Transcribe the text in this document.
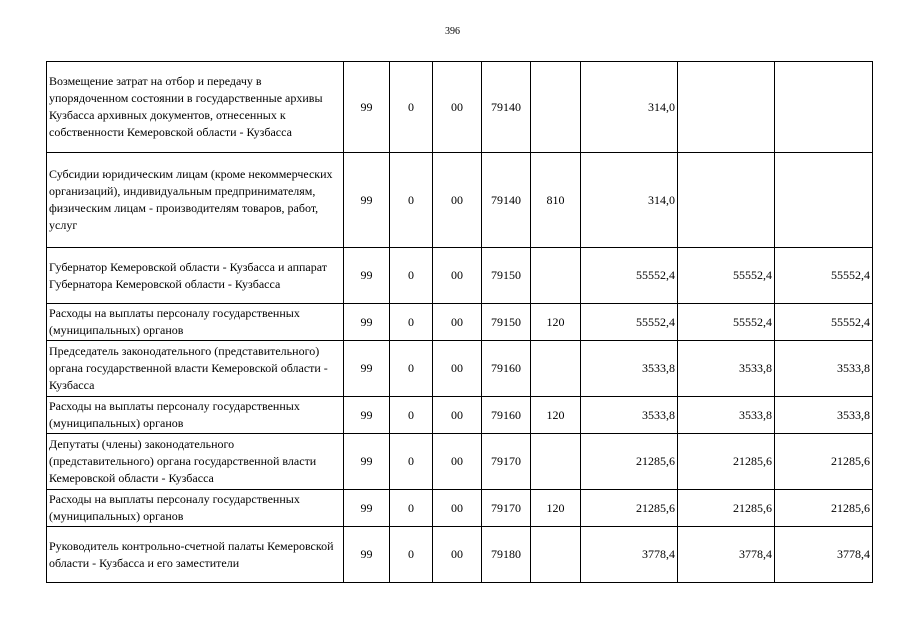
396
Возмещение затрат на отбор и передачу в упорядоченном состоянии в государственные архивы Кузбасса архивных документов, отнесенных к собственности Кемеровской области - Кузбасса	99	0	00	79140		314,0		
Субсидии юридическим лицам (кроме некоммерческих организаций), индивидуальным предпринимателям, физическим лицам - производителям товаров, работ, услуг	99	0	00	79140	810	314,0		
Губернатор Кемеровской области - Кузбасса и аппарат Губернатора Кемеровской области - Кузбасса	99	0	00	79150		55552,4	55552,4	55552,4
Расходы на выплаты персоналу государственных (муниципальных) органов	99	0	00	79150	120	55552,4	55552,4	55552,4
Председатель законодательного (представительного) органа государственной власти Кемеровской области - Кузбасса	99	0	00	79160		3533,8	3533,8	3533,8
Расходы на выплаты персоналу государственных (муниципальных) органов	99	0	00	79160	120	3533,8	3533,8	3533,8
Депутаты (члены) законодательного (представительного) органа государственной власти Кемеровской области - Кузбасса	99	0	00	79170		21285,6	21285,6	21285,6
Расходы на выплаты персоналу государственных (муниципальных) органов	99	0	00	79170	120	21285,6	21285,6	21285,6
Руководитель контрольно-счетной палаты Кемеровской области - Кузбасса и его заместители	99	0	00	79180		3778,4	3778,4	3778,4
